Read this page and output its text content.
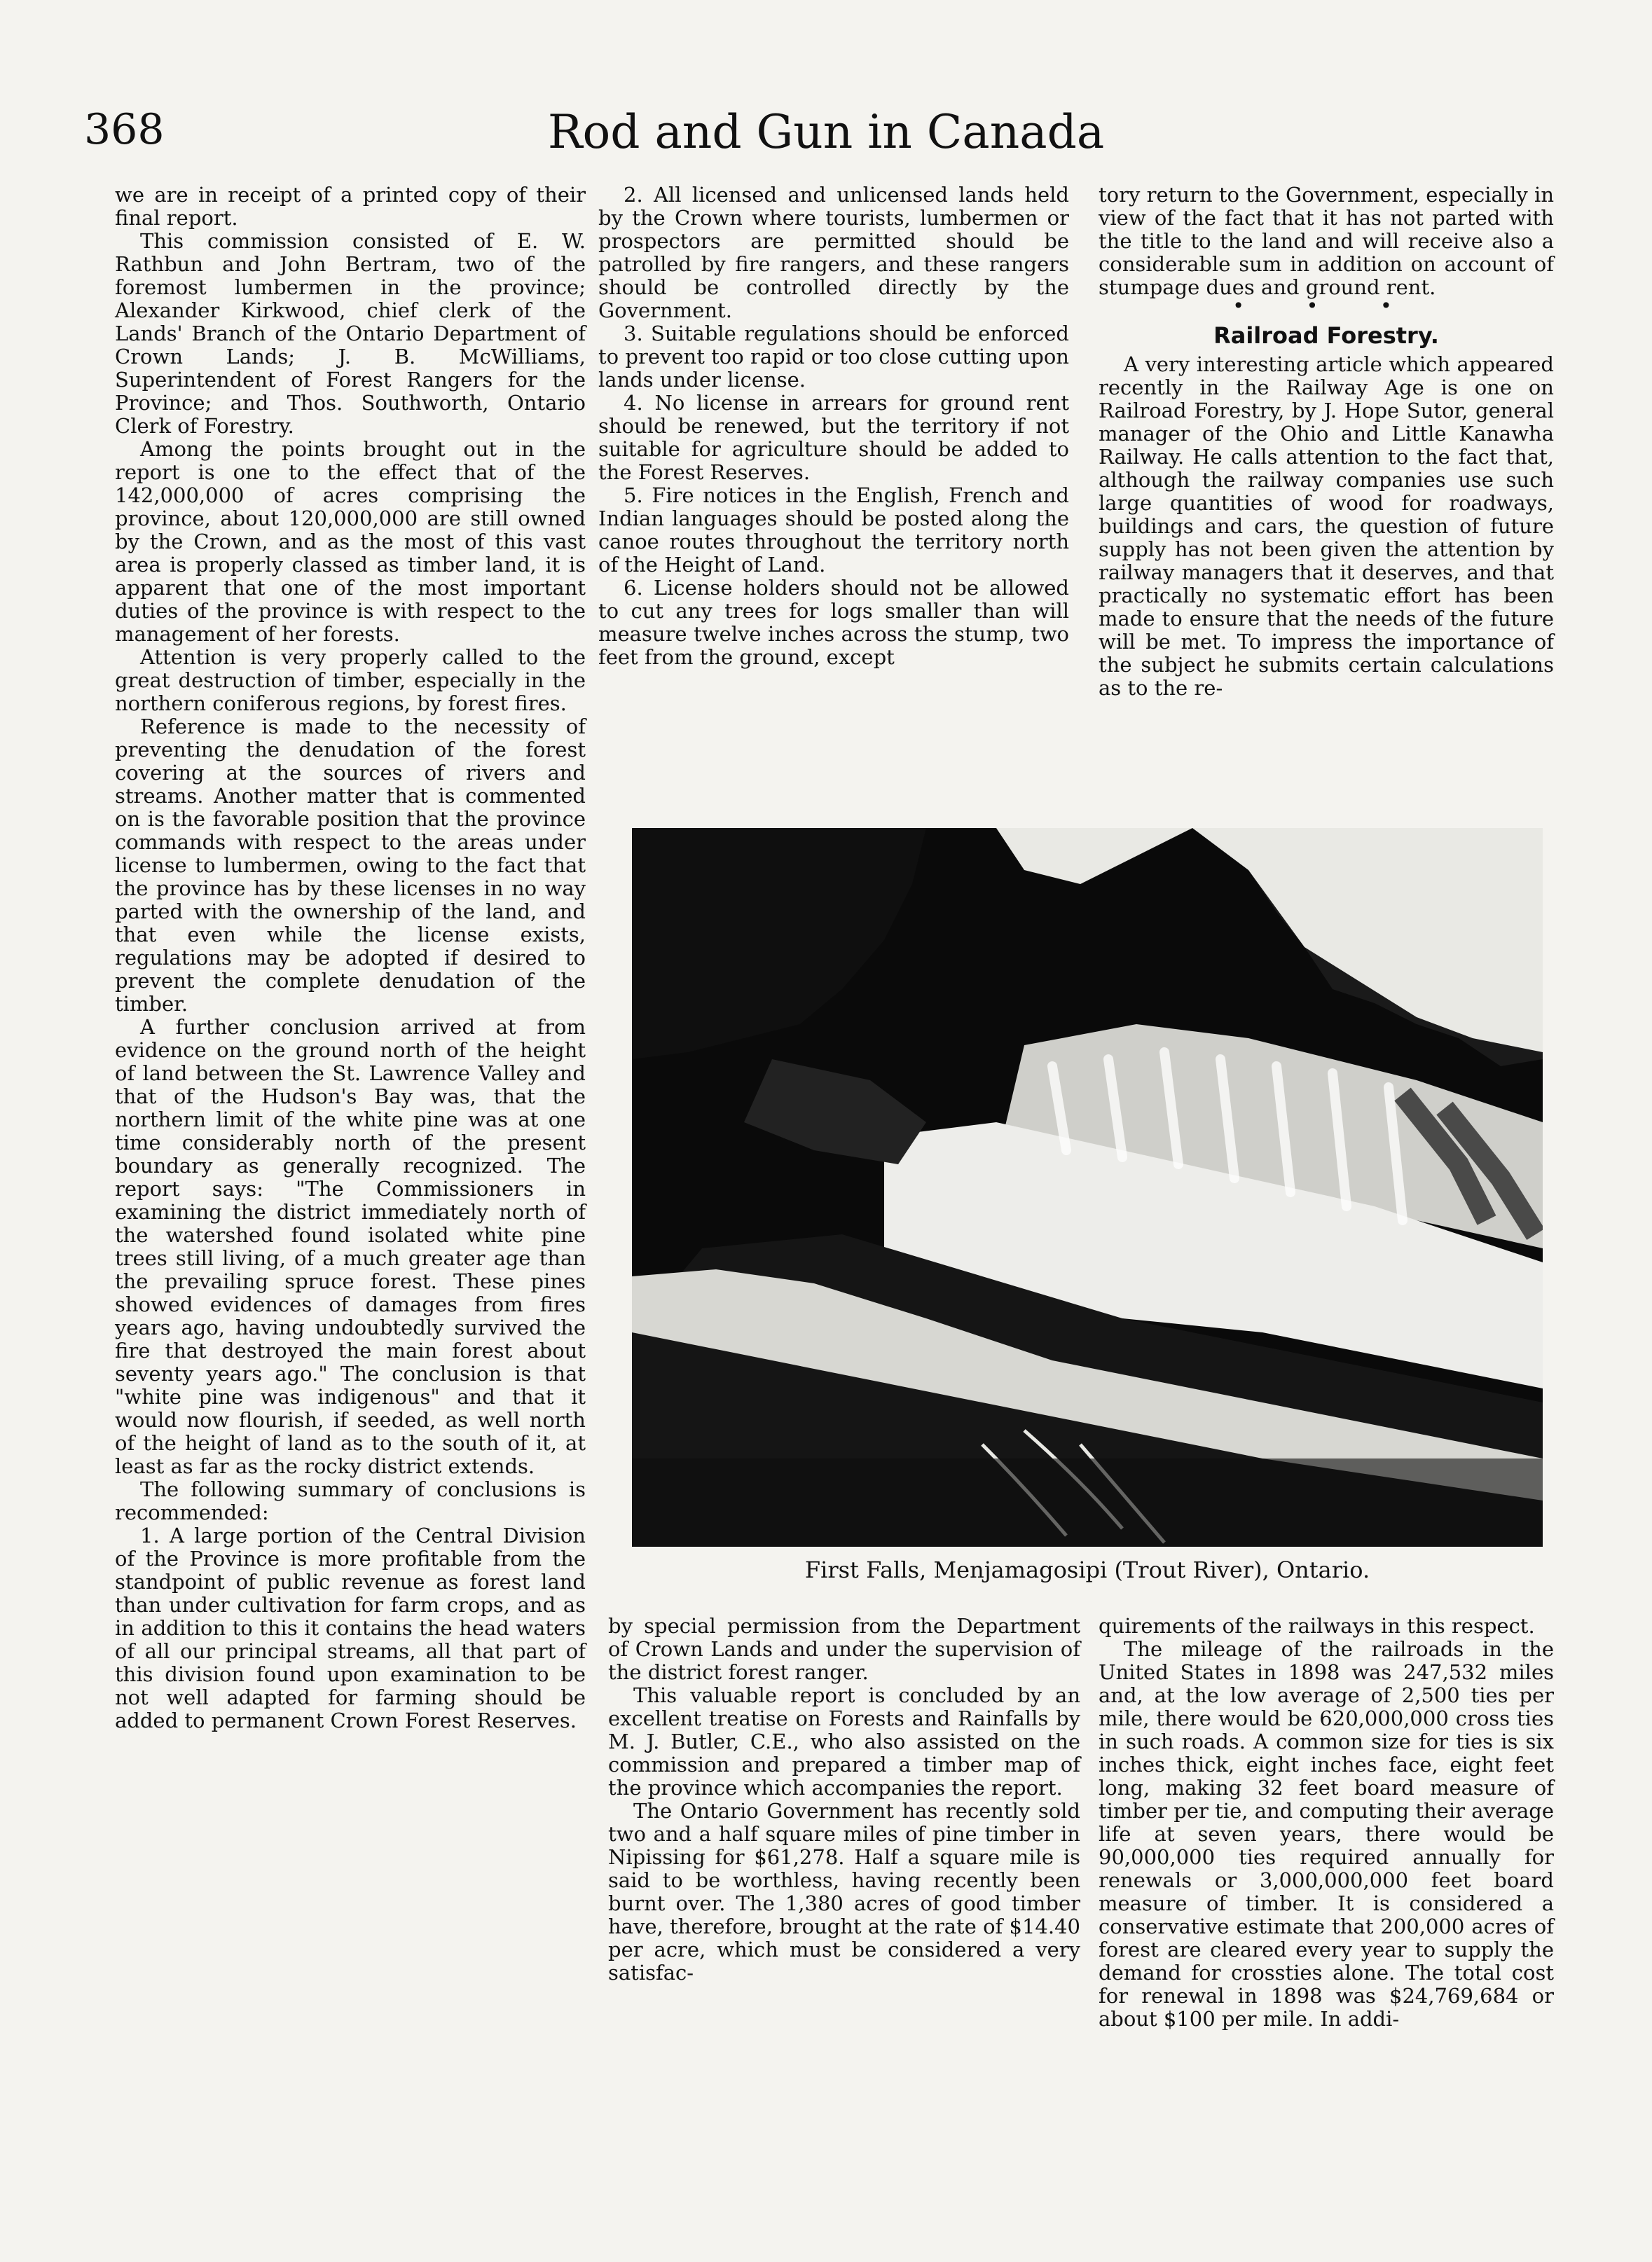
368	Rod and Gun in Canada

we are in receipt of a printed copy of their final report.

This commission consisted of E. W. Rathbun and John Bertram, two of the foremost lumbermen in the province; Alexander Kirkwood, chief clerk of the Lands' Branch of the Ontario Department of Crown Lands; J. B. McWilliams, Superintendent of Forest Rangers for the Province; and Thos. Southworth, Ontario Clerk of Forestry.

Among the points brought out in the report is one to the effect that of the 142,000,000 of acres comprising the province, about 120,000,000 are still owned by the Crown, and as the most of this vast area is properly classed as timber land, it is apparent that one of the most important duties of the province is with respect to the management of her forests.

Attention is very properly called to the great destruction of timber, especially in the northern coniferous regions, by forest fires.

Reference is made to the necessity of preventing the denudation of the forest covering at the sources of rivers and streams. Another matter that is commented on is the favorable position that the province commands with respect to the areas under license to lumbermen, owing to the fact that the province has by these licenses in no way parted with the ownership of the land, and that even while the license exists, regulations may be adopted if desired to prevent the complete denudation of the timber.

A further conclusion arrived at from evidence on the ground north of the height of land between the St. Lawrence Valley and that of the Hudson's Bay was, that the northern limit of the white pine was at one time considerably north of the present boundary as generally recognized. The report says: "The Commissioners in examining the district immediately north of the watershed found isolated white pine trees still living, of a much greater age than the prevailing spruce forest. These pines showed evidences of damages from fires years ago, having undoubtedly survived the fire that destroyed the main forest about seventy years ago." The conclusion is that "white pine was indigenous" and that it would now flourish, if seeded, as well north of the height of land as to the south of it, at least as far as the rocky district extends.

The following summary of conclusions is recommended:

1. A large portion of the Central Division of the Province is more profitable from the standpoint of public revenue as forest land than under cultivation for farm crops, and as in addition to this it contains the head waters of all our principal streams, all that part of this division found upon examination to be not well adapted for farming should be added to permanent Crown Forest Reserves.

2. All licensed and unlicensed lands held by the Crown where tourists, lumbermen or prospectors are permitted should be patrolled by fire rangers, and these rangers should be controlled directly by the Government.

3. Suitable regulations should be enforced to prevent too rapid or too close cutting upon lands under license.

4. No license in arrears for ground rent should be renewed, but the territory if not suitable for agriculture should be added to the Forest Reserves.

5. Fire notices in the English, French and Indian languages should be posted along the canoe routes throughout the territory north of the Height of Land.

6. License holders should not be allowed to cut any trees for logs smaller than will measure twelve inches across the stump, two feet from the ground, except

tory return to the Government, especially in view of the fact that it has not parted with the title to the land and will receive also a considerable sum in addition on account of stumpage dues and ground rent.

• • •
Railroad Forestry.

A very interesting article which appeared recently in the Railway Age is one on Railroad Forestry, by J. Hope Sutor, general manager of the Ohio and Little Kanawha Railway. He calls attention to the fact that, although the railway companies use such large quantities of wood for roadways, buildings and cars, the question of future supply has not been given the attention by railway managers that it deserves, and that practically no systematic effort has been made to ensure that the needs of the future will be met. To impress the importance of the subject he submits certain calculations as to the re-

First Falls, Menjamagosipi (Trout River), Ontario.

by special permission from the Department of Crown Lands and under the supervision of the district forest ranger.

This valuable report is concluded by an excellent treatise on Forests and Rainfalls by M. J. Butler, C.E., who also assisted on the commission and prepared a timber map of the province which accompanies the report.

The Ontario Government has recently sold two and a half square miles of pine timber in Nipissing for $61,278. Half a square mile is said to be worthless, having recently been burnt over. The 1,380 acres of good timber have, therefore, brought at the rate of $14.40 per acre, which must be considered a very satisfac-

quirements of the railways in this respect.

The mileage of the railroads in the United States in 1898 was 247,532 miles and, at the low average of 2,500 ties per mile, there would be 620,000,000 cross ties in such roads. A common size for ties is six inches thick, eight inches face, eight feet long, making 32 feet board measure of timber per tie, and computing their average life at seven years, there would be 90,000,000 ties required annually for renewals or 3,000,000,000 feet board measure of timber. It is considered a conservative estimate that 200,000 acres of forest are cleared every year to supply the demand for crossties alone. The total cost for renewal in 1898 was $24,769,684 or about $100 per mile. In addi-
